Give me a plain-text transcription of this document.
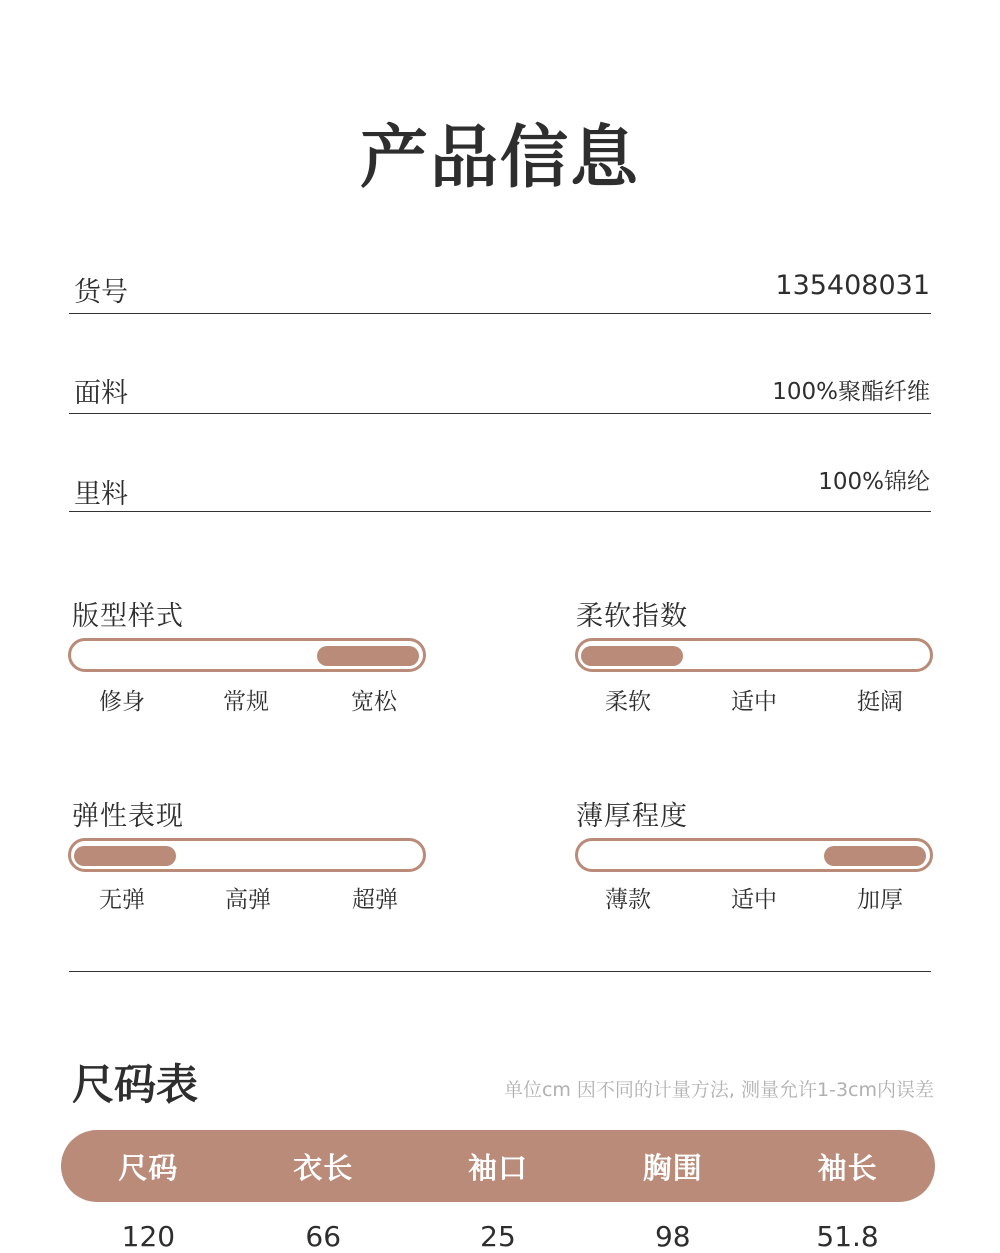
产品信息
货号	135408031
面料	100%聚酯纤维
里料	100%锦纶
版型样式
修身	常规	宽松
柔软指数
柔软	适中	挺阔
弹性表现
无弹	高弹	超弹
薄厚程度
薄款	适中	加厚
尺码表	单位cm 因不同的计量方法, 测量允许1-3cm内误差
尺码	衣长	袖口	胸围	袖长
120	66	25	98	51.8
